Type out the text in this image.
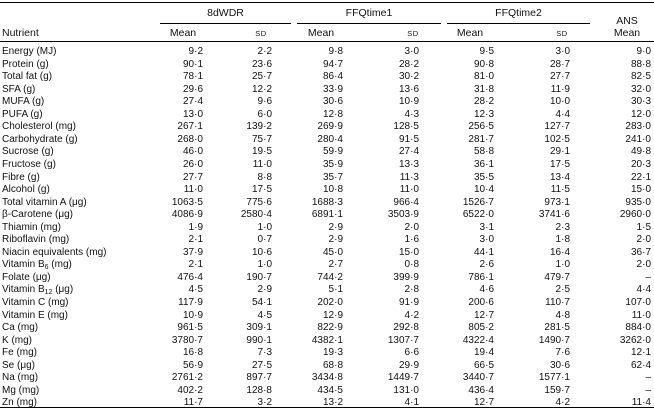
8dWDR	FFQtime1	FFQtime2
ANS
Nutrient	Mean	SD	Mean	SD	Mean	SD	Mean
Energy (MJ)	9·2	2·2	9·8	3·0	9·5	3·0	9·0
Protein (g)	90·1	23·6	94·7	28·2	90·8	28·7	88·8
Total fat (g)	78·1	25·7	86·4	30·2	81·0	27·7	82·5
SFA (g)	29·6	12·2	33·9	13·6	31·8	11·9	32·0
MUFA (g)	27·4	9·6	30·6	10·9	28·2	10·0	30·3
PUFA (g)	13·0	6·0	12·8	4·3	12·3	4·4	12·0
Cholesterol (mg)	267·1	139·2	269·9	128·5	256·5	127·7	283·0
Carbohydrate (g)	268·0	75·7	280·4	91·5	281·7	102·5	241·0
Sucrose (g)	46·0	19·5	59·9	27·4	58·8	29·1	49·8
Fructose (g)	26·0	11·0	35·9	13·3	36·1	17·5	20·3
Fibre (g)	27·7	8·8	35·7	11·3	35·5	13·4	22·1
Alcohol (g)	11·0	17·5	10·8	11·0	10·4	11·5	15·0
Total vitamin A (μg)	1063·5	775·6	1688·3	966·4	1526·7	973·1	935·0
β-Carotene (μg)	4086·9	2580·4	6891·1	3503·9	6522·0	3741·6	2960·0
Thiamin (mg)	1·9	1·0	2·9	2·0	3·1	2·3	1·5
Riboflavin (mg)	2·1	0·7	2·9	1·6	3·0	1·8	2·0
Niacin equivalents (mg)	37·9	10·6	45·0	15·0	44·1	16·4	36·7
Vitamin $B_6$ (mg)	2·1	1·0	2·7	0·8	2·6	1·0	2·0
Folate (μg)	476·4	190·7	744·2	399·9	786·1	479·7	–
Vitamin $B_{12}$ (μg)	4·5	2·9	5·1	2·8	4·6	2·5	4·4
Vitamin C (mg)	117·9	54·1	202·0	91·9	200·6	110·7	107·0
Vitamin E (mg)	10·9	4·5	12·9	4·2	12·7	4·8	11·0
Ca (mg)	961·5	309·1	822·9	292·8	805·2	281·5	884·0
K (mg)	3780·7	990·1	4382·1	1307·7	4322·4	1490·7	3262·0
Fe (mg)	16·8	7·3	19·3	6·6	19·4	7·6	12·1
Se (μg)	56·9	27·5	68·8	29·9	66·5	30·6	62·4
Na (mg)	2761·2	897·7	3434·8	1449·7	3440·7	1577·1	–
Mg (mg)	402·2	128·8	434·5	131·0	436·4	159·7	–
Zn (mg)	11·7	3·2	13·2	4·1	12·7	4·2	11·4
